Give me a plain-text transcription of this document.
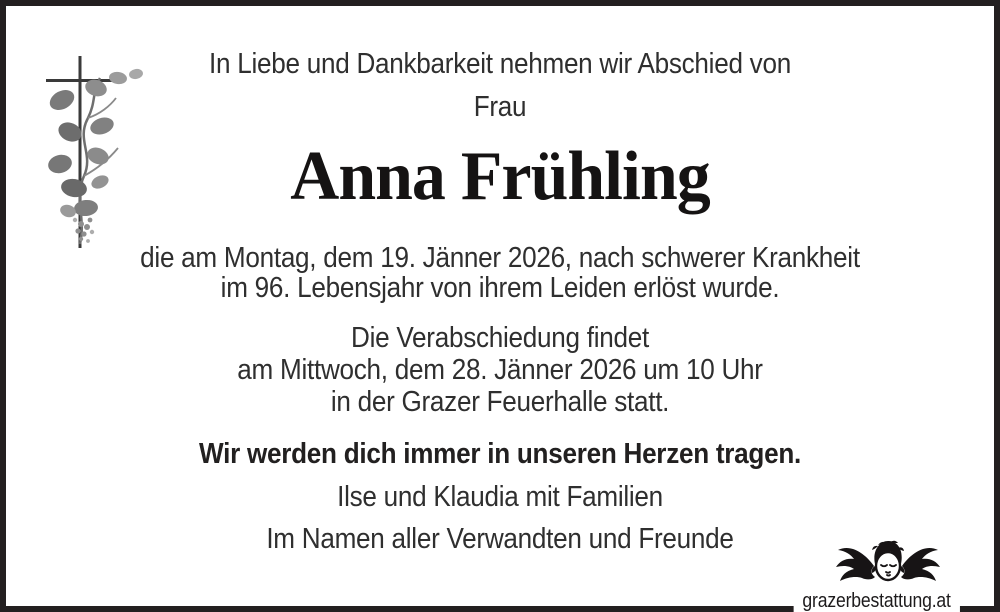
In Liebe und Dankbarkeit nehmen wir Abschied von
Frau
Anna Frühling
die am Montag, dem 19. Jänner 2026, nach schwerer Krankheit
im 96. Lebensjahr von ihrem Leiden erlöst wurde.
Die Verabschiedung findet
am Mittwoch, dem 28. Jänner 2026 um 10 Uhr
in der Grazer Feuerhalle statt.
Wir werden dich immer in unseren Herzen tragen.
Ilse und Klaudia mit Familien
Im Namen aller Verwandten und Freunde
grazerbestattung.at
